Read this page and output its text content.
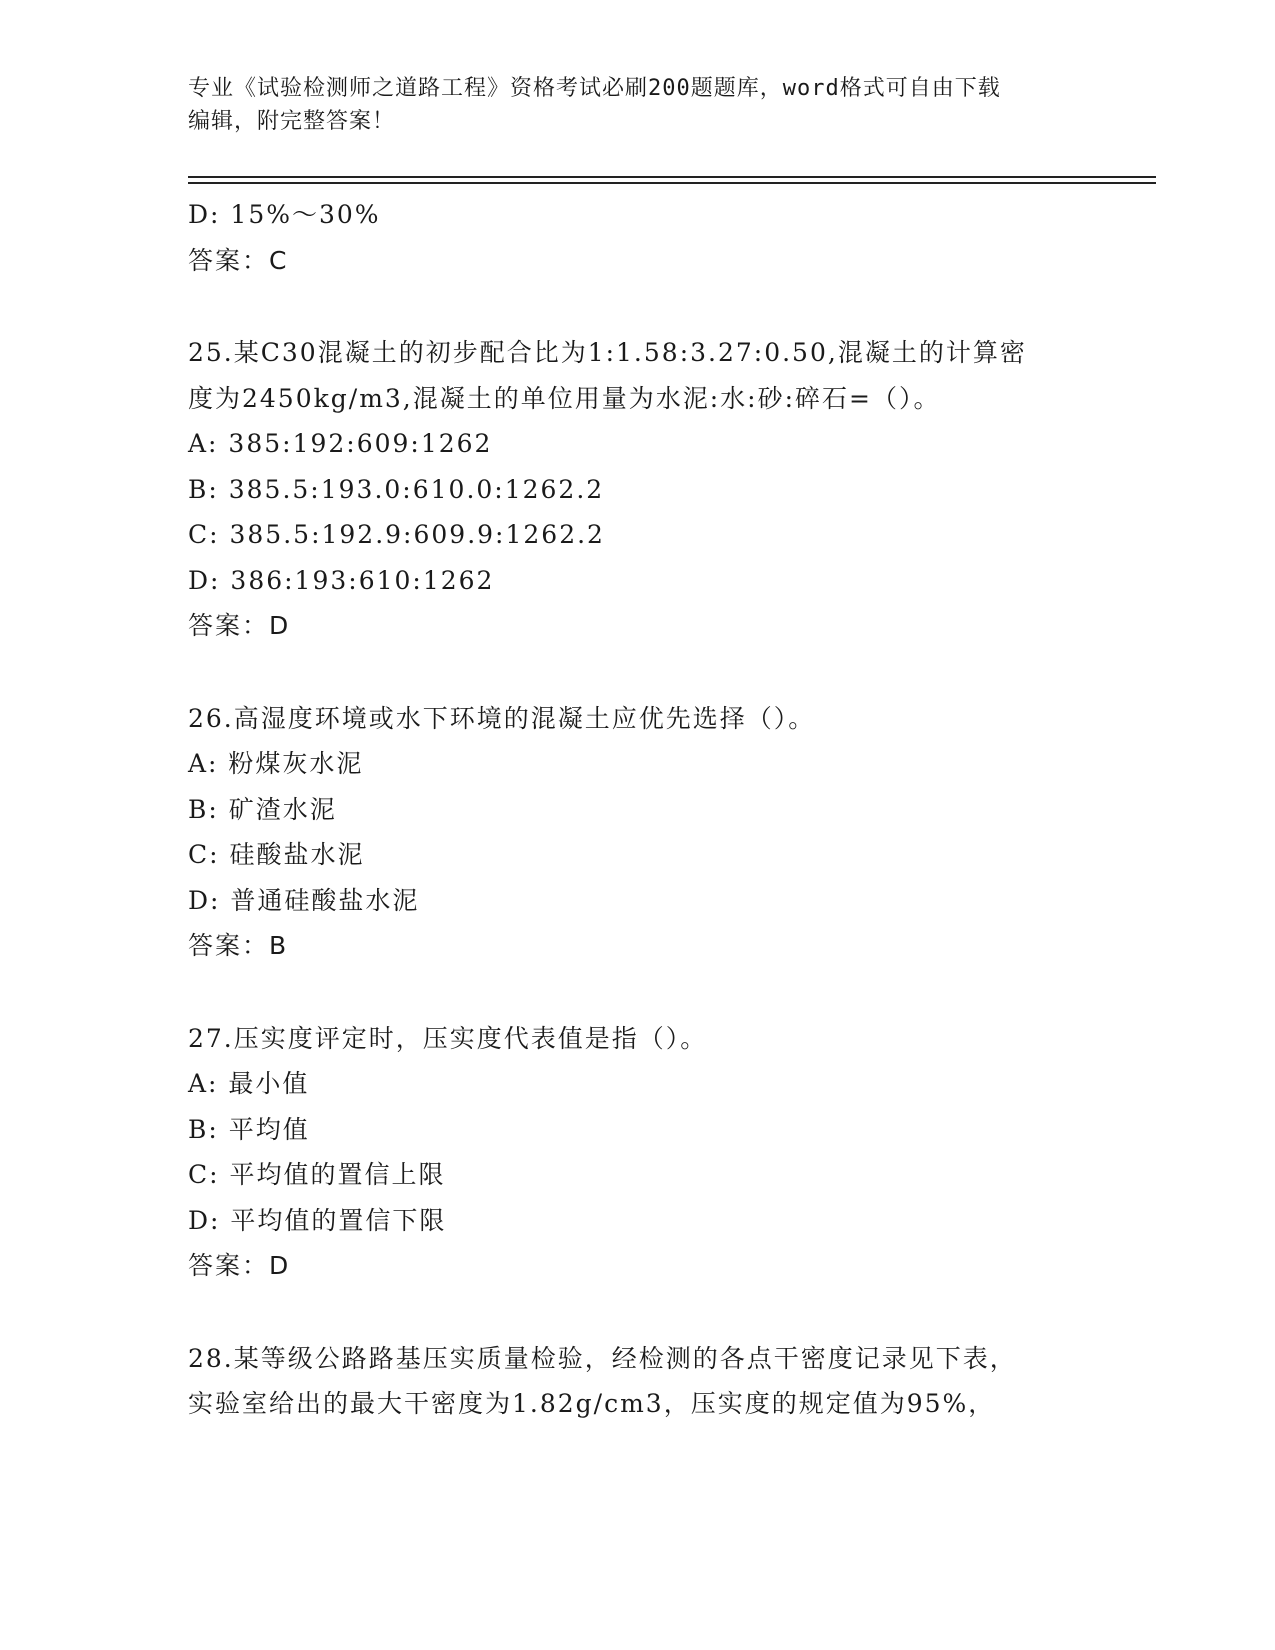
专业《试验检测师之道路工程》资格考试必刷200题题库，word格式可自由下载
编辑，附完整答案！
D: 15%～30%
答案：C
25.某C30混凝土的初步配合比为1:1.58:3.27:0.50,混凝土的计算密
度为2450kg/m3,混凝土的单位用量为水泥:水:砂:碎石=（）。
A: 385:192:609:1262
B: 385.5:193.0:610.0:1262.2
C: 385.5:192.9:609.9:1262.2
D: 386:193:610:1262
答案：D
26.高湿度环境或水下环境的混凝土应优先选择（）。
A: 粉煤灰水泥
B: 矿渣水泥
C: 硅酸盐水泥
D: 普通硅酸盐水泥
答案：B
27.压实度评定时，压实度代表值是指（）。
A: 最小值
B: 平均值
C: 平均值的置信上限
D: 平均值的置信下限
答案：D
28.某等级公路路基压实质量检验，经检测的各点干密度记录见下表，
实验室给出的最大干密度为1.82g/cm3，压实度的规定值为95%，
